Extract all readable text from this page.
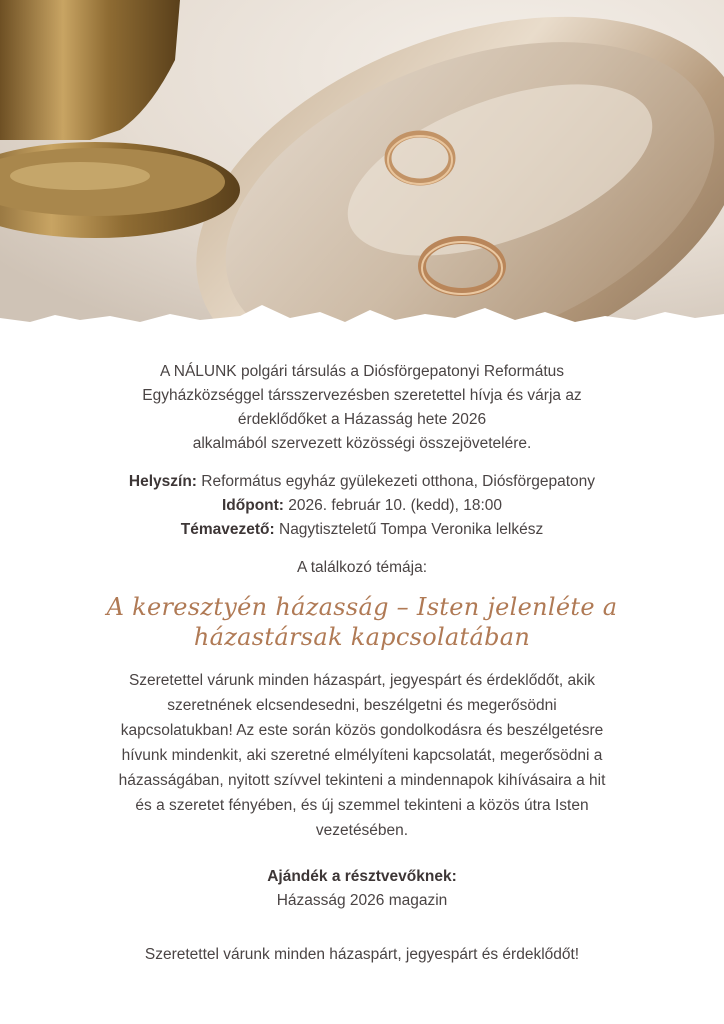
A NÁLUNK polgári társulás a Diósförgepatonyi Református
Egyházközséggel társszervezésben szeretettel hívja és várja az
érdeklődőket a Házasság hete 2026
alkalmából szervezett közösségi összejövetelére.
Helyszín: Református egyház gyülekezeti otthona, Diósförgepatony
Időpont: 2026. február 10. (kedd), 18:00
Témavezető: Nagytiszteletű Tompa Veronika lelkész
A találkozó témája:
A keresztyén házasság – Isten jelenléte a
házastársak kapcsolatában
Szeretettel várunk minden házaspárt, jegyespárt és érdeklődőt, akik
szeretnének elcsendesedni, beszélgetni és megerősödni
kapcsolatukban! Az este során közös gondolkodásra és beszélgetésre
hívunk mindenkit, aki szeretné elmélyíteni kapcsolatát, megerősödni a
házasságában, nyitott szívvel tekinteni a mindennapok kihívásaira a hit
és a szeretet fényében, és új szemmel tekinteni a közös útra Isten
vezetésében.
Ajándék a résztvevőknek:
Házasság 2026 magazin
Szeretettel várunk minden házaspárt, jegyespárt és érdeklődőt!
